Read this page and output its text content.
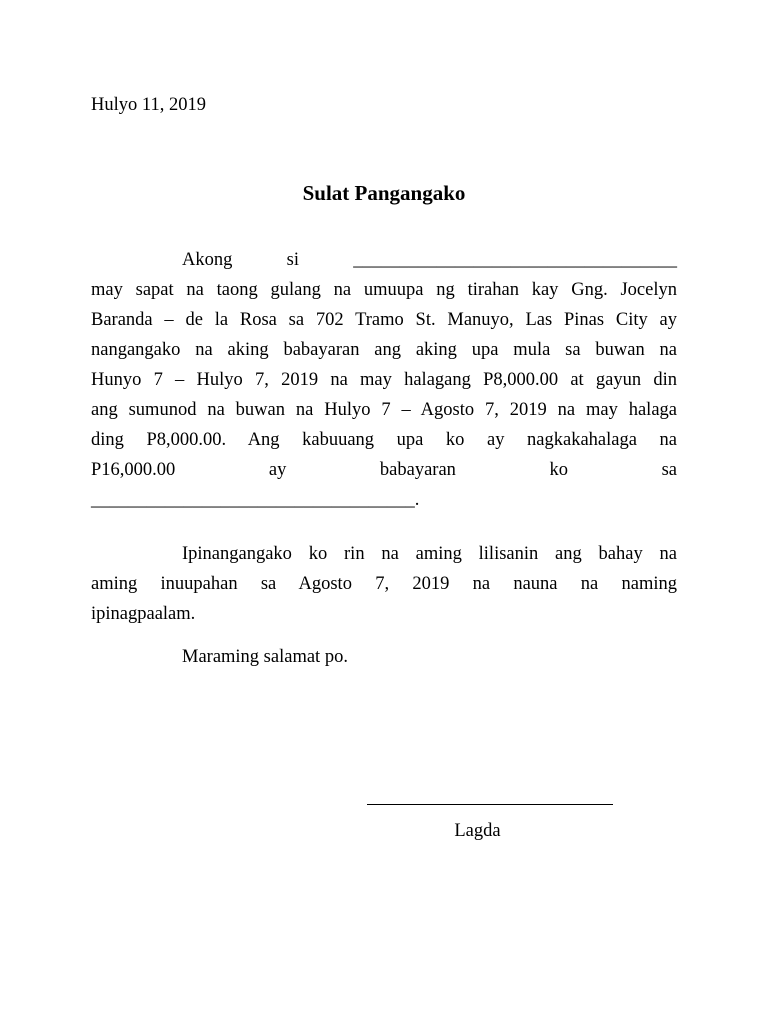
Hulyo 11, 2019
Sulat Pangangako
Akong si ___________________________________
may sapat na taong gulang na umuupa ng tirahan kay Gng. Jocelyn
Baranda – de la Rosa sa 702 Tramo St. Manuyo, Las Pinas City ay
nangangako na aking babayaran ang aking upa mula sa buwan na
Hunyo 7 – Hulyo 7, 2019 na may halagang P8,000.00 at gayun din
ang sumunod na buwan na Hulyo 7 – Agosto 7, 2019 na may halaga
ding P8,000.00. Ang kabuuang upa ko ay nagkakahalaga na
P16,000.00 ay babayaran ko sa
___________________________________.
Ipinangangako ko rin na aming lilisanin ang bahay na
aming inuupahan sa Agosto 7, 2019 na nauna na naming
ipinagpaalam.
Maraming salamat po.
Lagda
